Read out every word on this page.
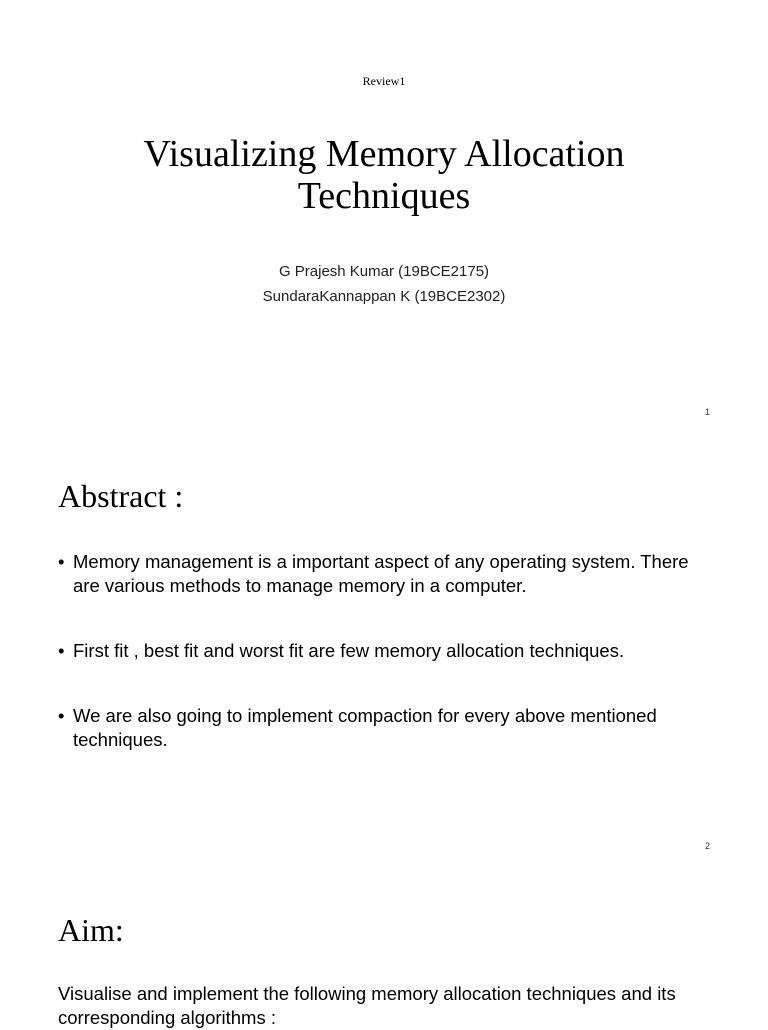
Review1
Visualizing Memory Allocation
Techniques
G Prajesh Kumar (19BCE2175)
SundaraKannappan K (19BCE2302)
1
Abstract :
• Memory management is a important aspect of any operating system. There are various methods to manage memory in a computer.
• First fit , best fit and worst fit are few memory allocation techniques.
• We are also going to implement compaction for every above mentioned techniques.
2
Aim:
Visualise and implement the following memory allocation techniques and its corresponding algorithms :
